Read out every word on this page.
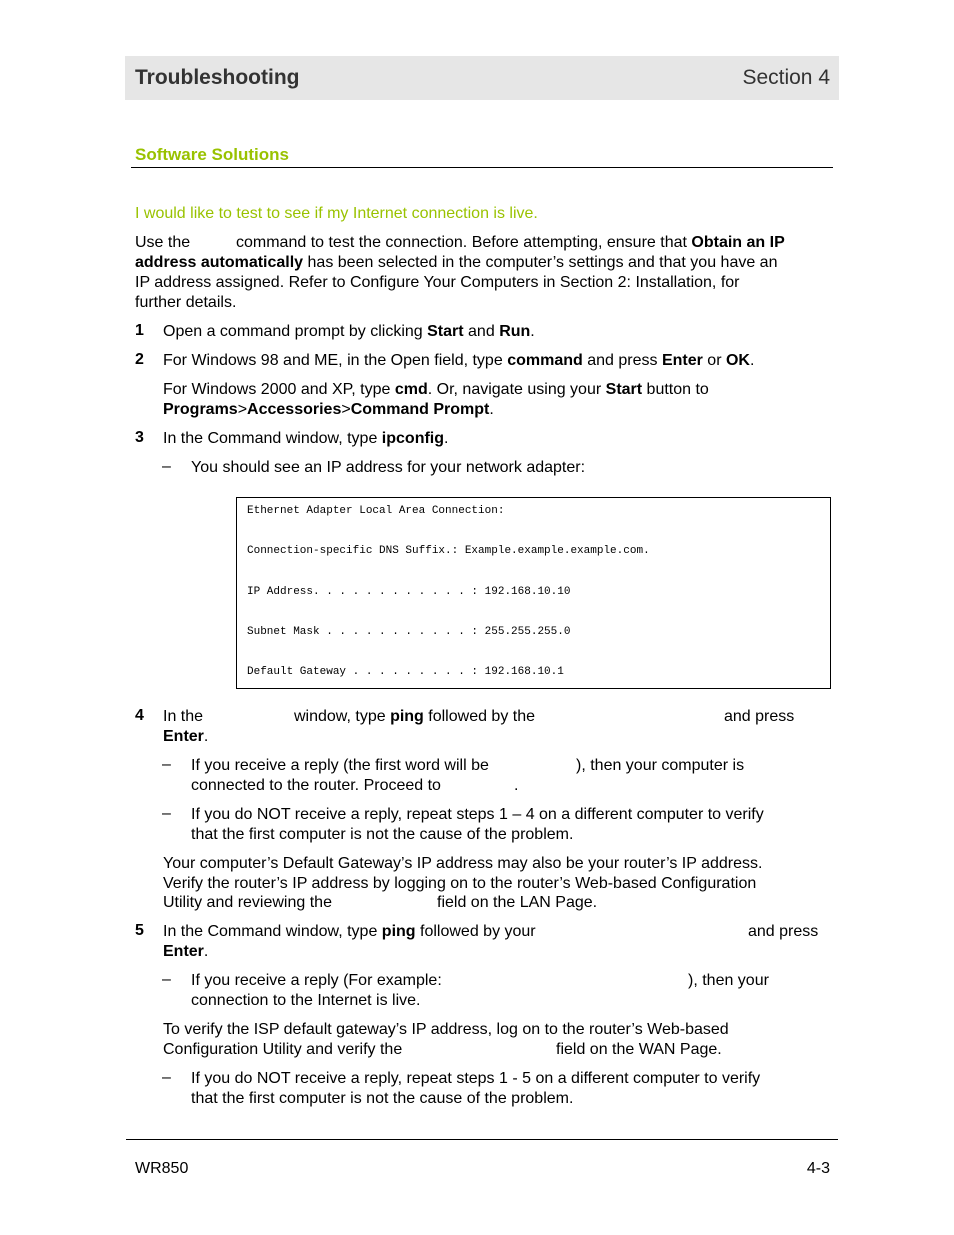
Troubleshooting	Section 4
Software Solutions
I would like to test to see if my Internet connection is live.
Use the	command to test the connection. Before attempting, ensure that Obtain an IP
address automatically has been selected in the computer’s settings and that you have an
IP address assigned. Refer to Configure Your Computers in Section 2: Installation, for
further details.
1 Open a command prompt by clicking Start and Run.
2 For Windows 98 and ME, in the Open field, type command and press Enter or OK.
For Windows 2000 and XP, type cmd. Or, navigate using your Start button to
Programs>Accessories>Command Prompt.
3 In the Command window, type ipconfig.
– You should see an IP address for your network adapter:
Ethernet Adapter Local Area Connection:
Connection-specific DNS Suffix.: Example.example.example.com.
IP Address. . . . . . . . . . . . : 192.168.10.10
Subnet Mask . . . . . . . . . . . : 255.255.255.0
Default Gateway . . . . . . . . . : 192.168.10.1
4 In the	window, type ping followed by the	and press
Enter.
– If you receive a reply (the first word will be	), then your computer is
connected to the router. Proceed to	.
– If you do NOT receive a reply, repeat steps 1 – 4 on a different computer to verify
that the first computer is not the cause of the problem.
Your computer’s Default Gateway’s IP address may also be your router’s IP address.
Verify the router’s IP address by logging on to the router’s Web-based Configuration
Utility and reviewing the	field on the LAN Page.
5 In the Command window, type ping followed by your	and press
Enter.
– If you receive a reply (For example:	), then your
connection to the Internet is live.
To verify the ISP default gateway’s IP address, log on to the router’s Web-based
Configuration Utility and verify the	field on the WAN Page.
– If you do NOT receive a reply, repeat steps 1 - 5 on a different computer to verify
that the first computer is not the cause of the problem.
WR850	4-3
